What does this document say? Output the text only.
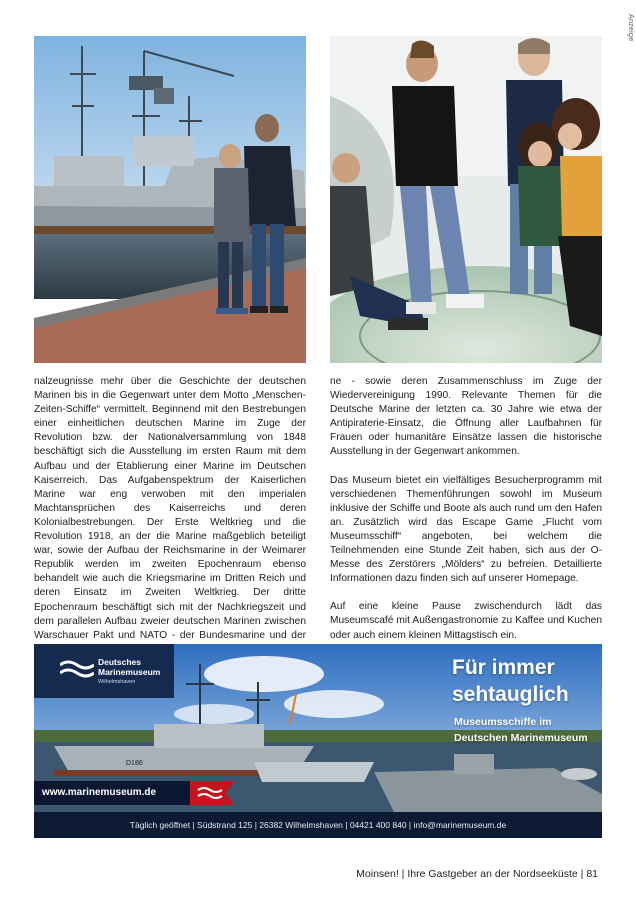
Anzeige

nalzeugnisse mehr über die Geschichte der deutschen Marinen bis in die Gegenwart unter dem Motto „Menschen-Zeiten-Schiffe“ vermittelt. Beginnend mit den Bestrebungen einer einheitlichen deutschen Marine im Zuge der Revolution bzw. der Nationalversammlung von 1848 beschäftigt sich die Ausstellung im ersten Raum mit dem Aufbau und der Etablierung einer Marine im Deutschen Kaiserreich. Das Aufgabenspektrum der Kaiserlichen Marine war eng verwoben mit den imperialen Machtansprüchen des Kaiserreichs und deren Kolonialbestrebungen. Der Erste Weltkrieg und die Revolution 1918, an der die Marine maßgeblich beteiligt war, sowie der Aufbau der Reichsmarine in der Weimarer Republik werden im zweiten Epochenraum ebenso behandelt wie auch die Kriegsmarine im Dritten Reich und deren Einsatz im Zweiten Weltkrieg. Der dritte Epochenraum beschäftigt sich mit der Nachkriegszeit und dem parallelen Aufbau zweier deutschen Marinen zwischen Warschauer Pakt und NATO - der Bundesmarine und der

ne - sowie deren Zusammenschluss im Zuge der Wiedervereinigung 1990. Relevante Themen für die Deutsche Marine der letzten ca. 30 Jahre wie etwa der Antipiraterie-Einsatz, die Öffnung aller Laufbahnen für Frauen oder humanitäre Einsätze lassen die historische Ausstellung in der Gegenwart ankommen.

Das Museum bietet ein vielfältiges Besucherprogramm mit verschiedenen Themenführungen sowohl im Museum inklusive der Schiffe und Boote als auch rund um den Hafen an. Zusätzlich wird das Escape Game „Flucht vom Museumsschiff“ angeboten, bei welchem die Teilnehmenden eine Stunde Zeit haben, sich aus der O-Messe des Zerstörers „Mölders“ zu befreien. Detaillierte Informationen dazu finden sich auf unserer Homepage.

Auf eine kleine Pause zwischendurch lädt das Museumscafé mit Außengastronomie zu Kaffee und Kuchen oder auch einem kleinen Mittagstisch ein.

D186
Deutsches
Marinemuseum
Wilhelmshaven
Für immer
sehtauglich
Museumsschiffe im
Deutschen Marinemuseum
www.marinemuseum.de
Täglich geöffnet | Südstrand 125 | 26382 Wilhelmshaven | 04421 400 840 | info@marinemuseum.de
Moinsen! | Ihre Gastgeber an der Nordseeküste | 81
